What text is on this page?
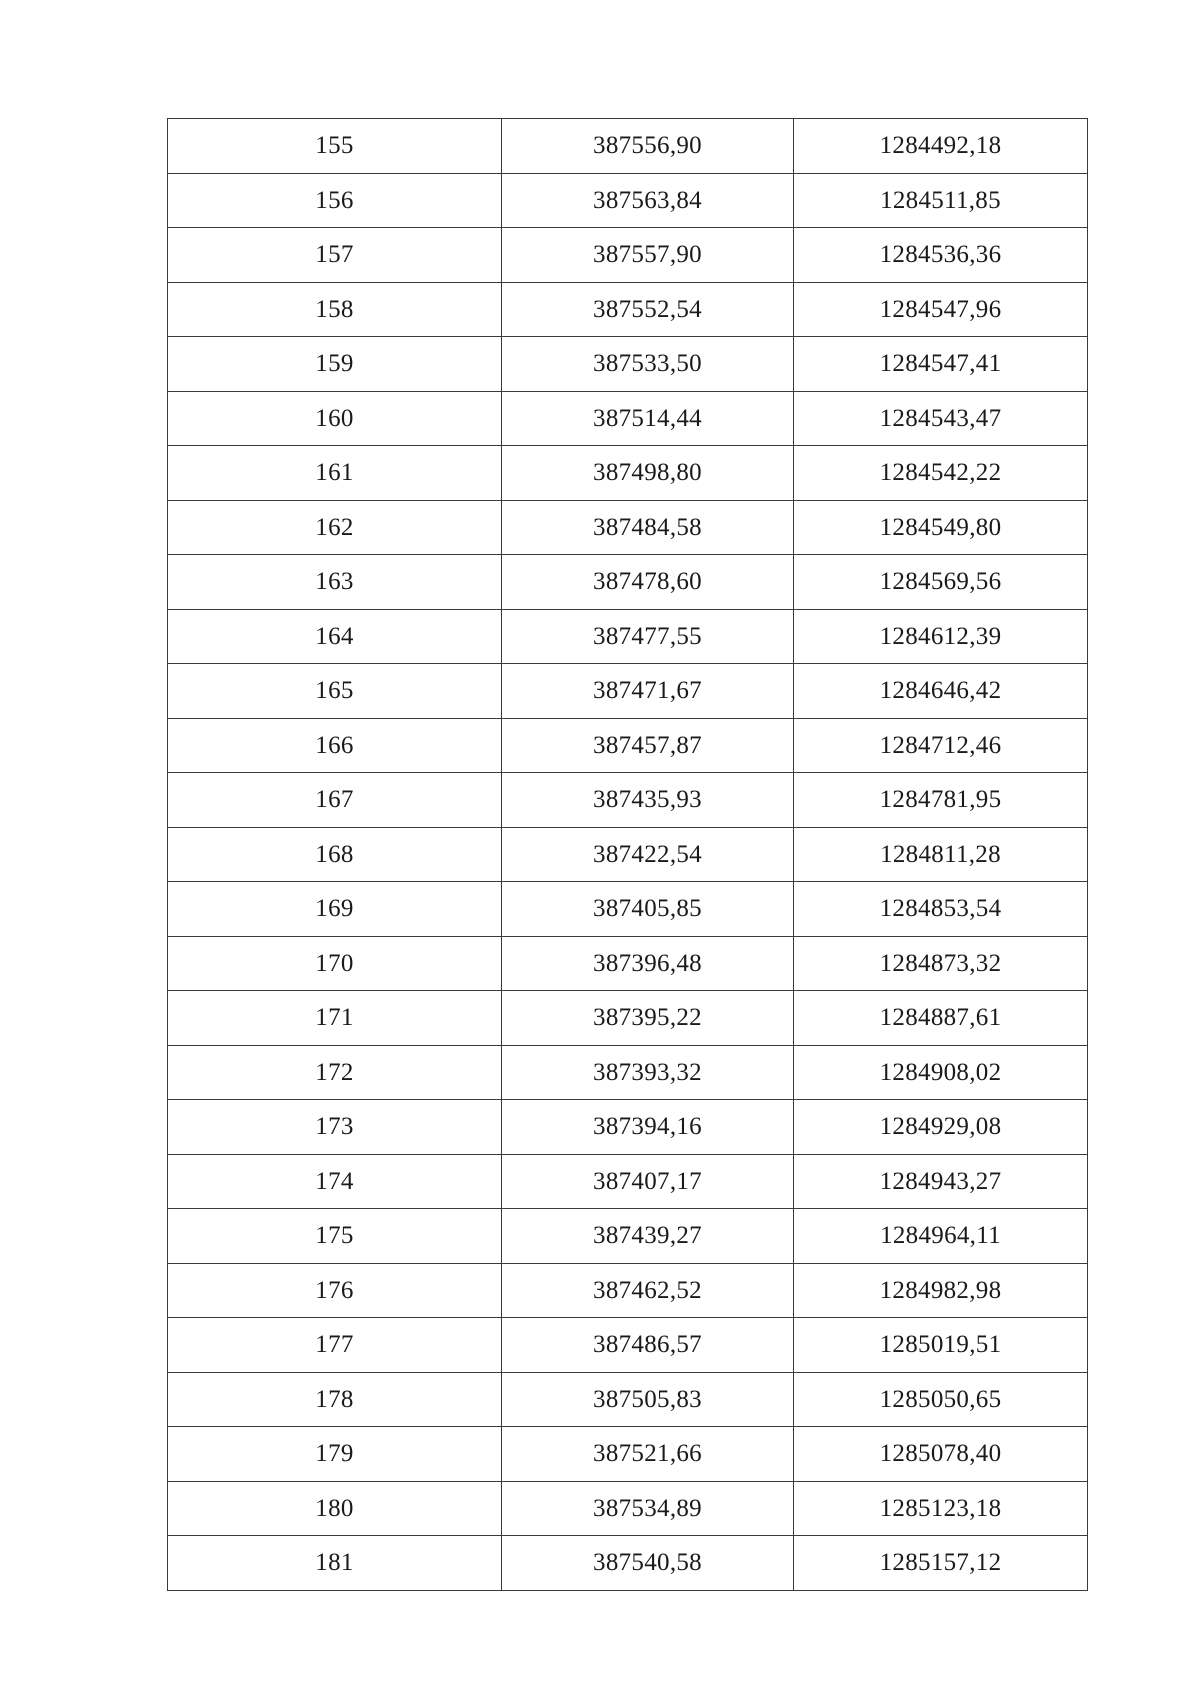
155	387556,90	1284492,18
156	387563,84	1284511,85
157	387557,90	1284536,36
158	387552,54	1284547,96
159	387533,50	1284547,41
160	387514,44	1284543,47
161	387498,80	1284542,22
162	387484,58	1284549,80
163	387478,60	1284569,56
164	387477,55	1284612,39
165	387471,67	1284646,42
166	387457,87	1284712,46
167	387435,93	1284781,95
168	387422,54	1284811,28
169	387405,85	1284853,54
170	387396,48	1284873,32
171	387395,22	1284887,61
172	387393,32	1284908,02
173	387394,16	1284929,08
174	387407,17	1284943,27
175	387439,27	1284964,11
176	387462,52	1284982,98
177	387486,57	1285019,51
178	387505,83	1285050,65
179	387521,66	1285078,40
180	387534,89	1285123,18
181	387540,58	1285157,12
